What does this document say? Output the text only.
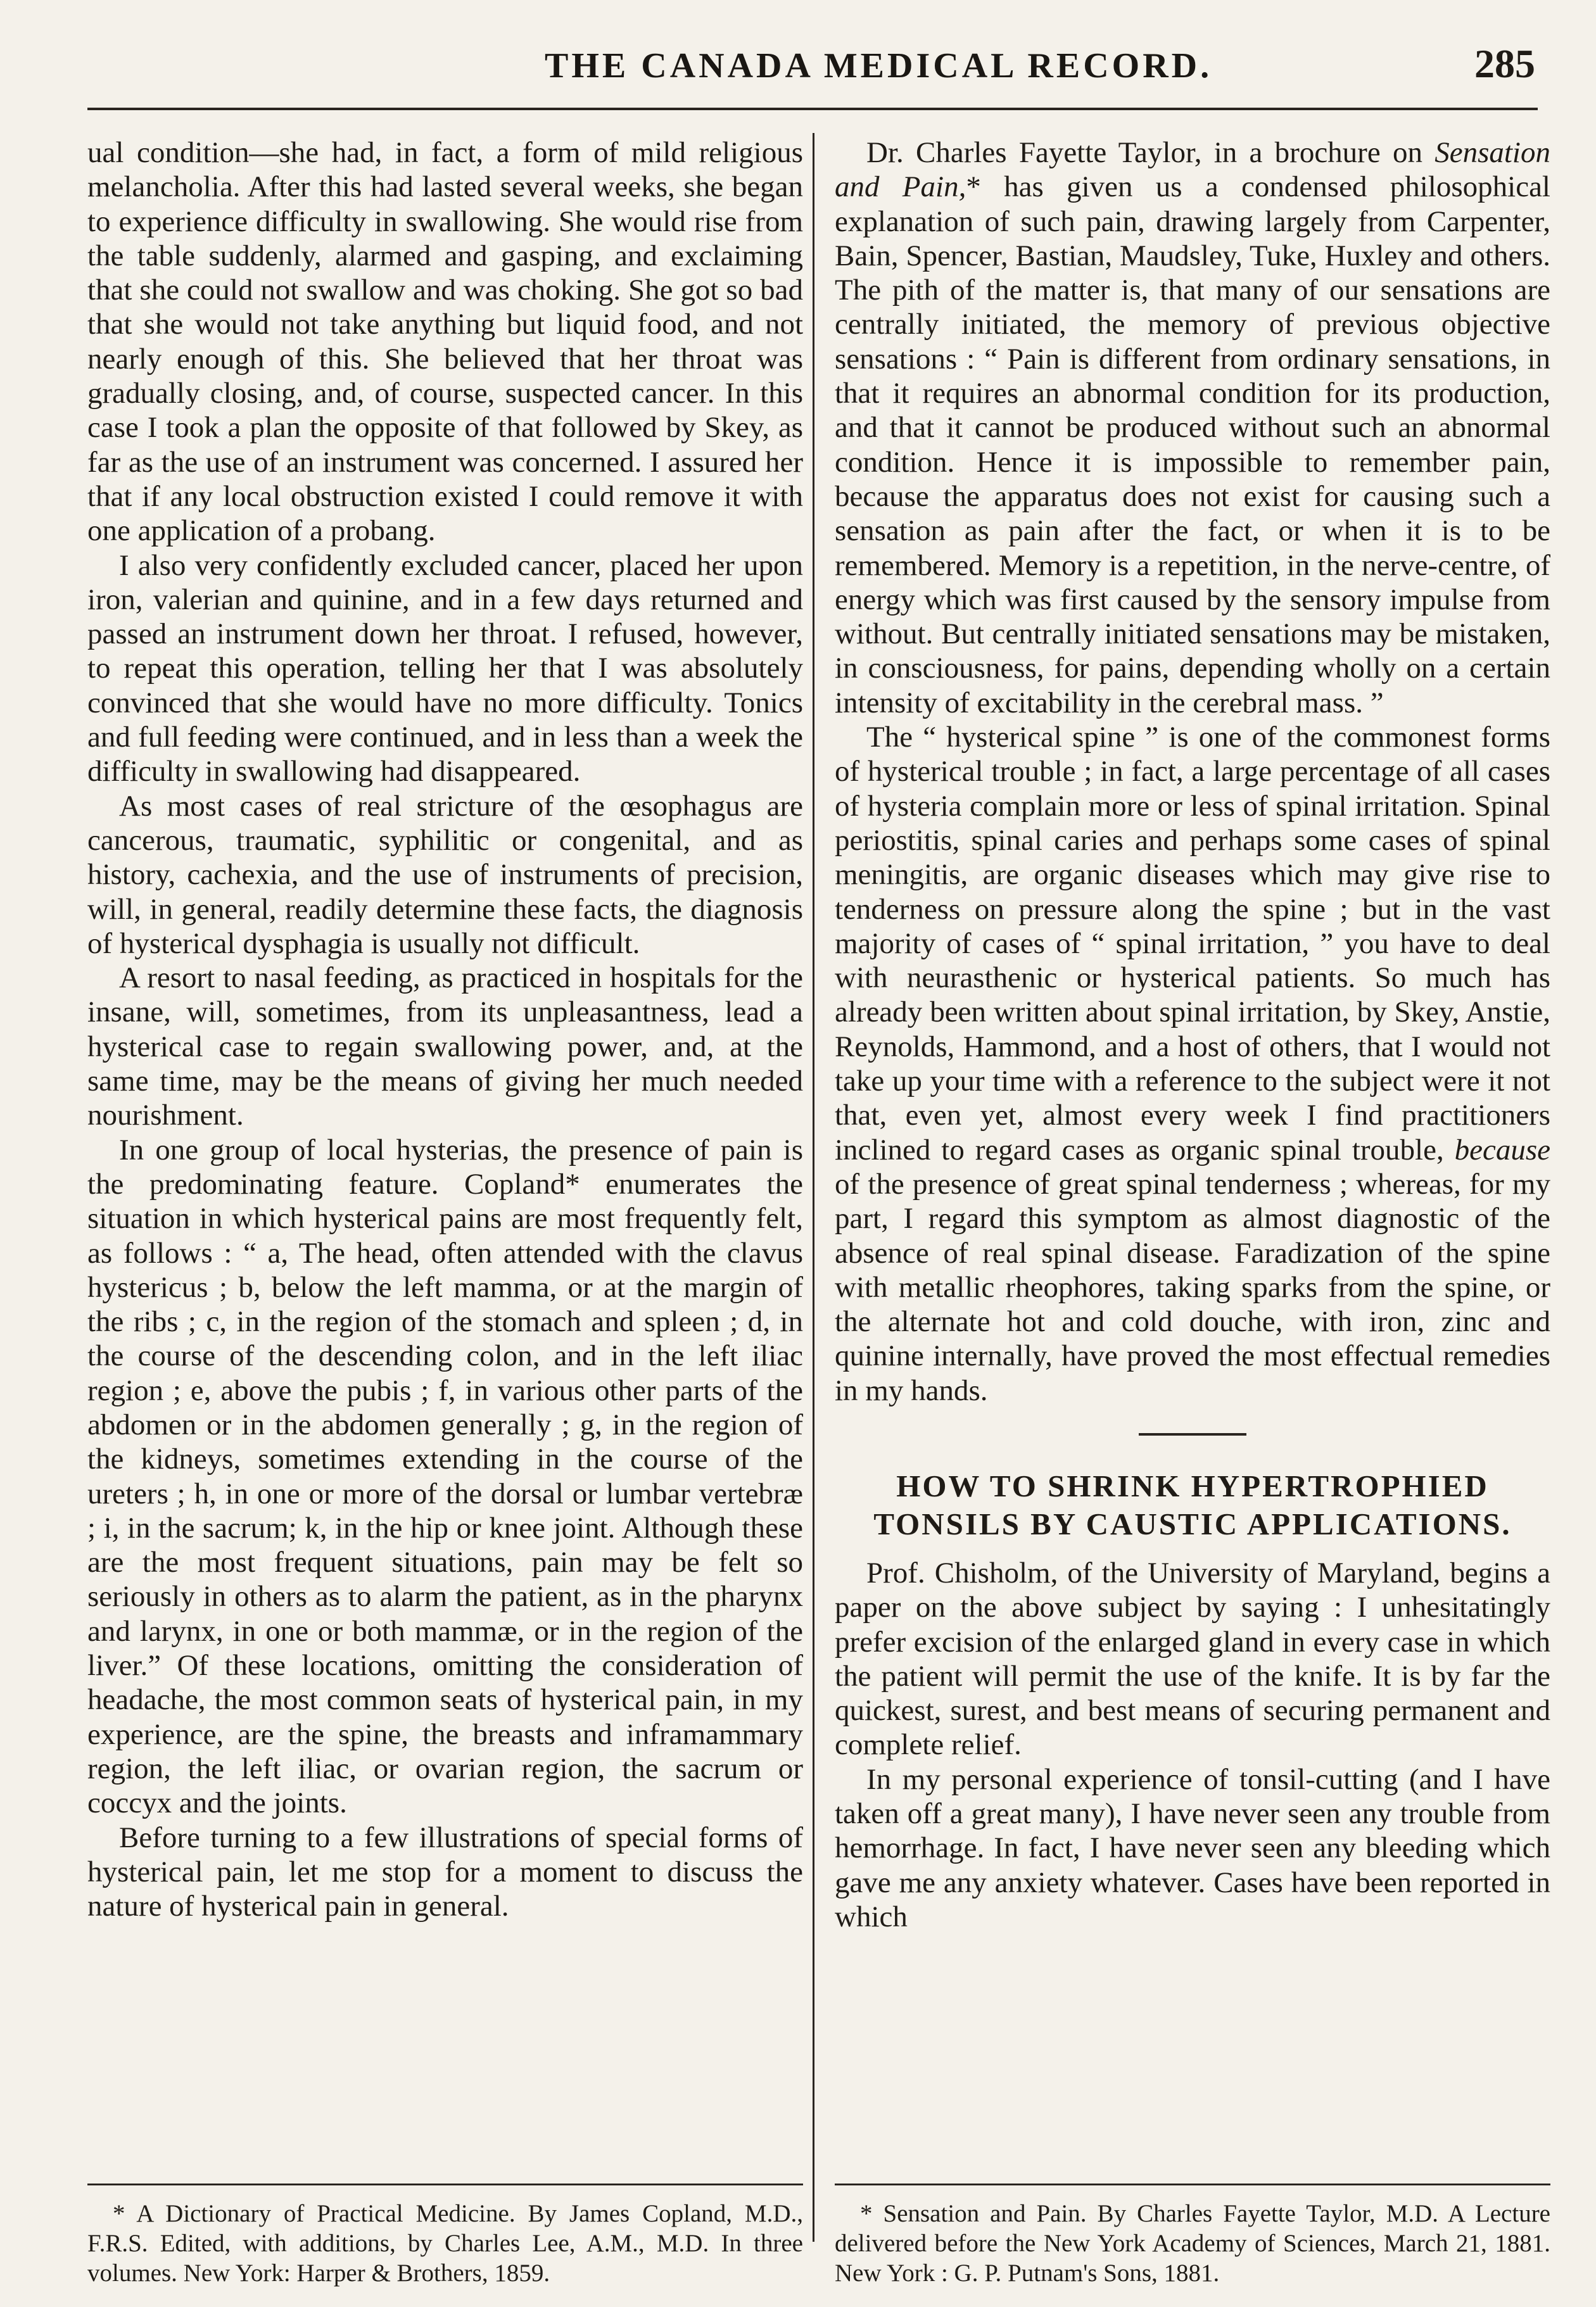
THE CANADA MEDICAL RECORD.	285

ual condition—she had, in fact, a form of mild religious melancholia. After this had lasted several weeks, she began to experience difficulty in swallowing. She would rise from the table suddenly, alarmed and gasping, and exclaiming that she could not swallow and was choking. She got so bad that she would not take anything but liquid food, and not nearly enough of this. She believed that her throat was gradually closing, and, of course, suspected cancer. In this case I took a plan the opposite of that followed by Skey, as far as the use of an instrument was concerned. I assured her that if any local obstruction existed I could remove it with one application of a probang.

I also very confidently excluded cancer, placed her upon iron, valerian and quinine, and in a few days returned and passed an instrument down her throat. I refused, however, to repeat this operation, telling her that I was absolutely convinced that she would have no more difficulty. Tonics and full feeding were continued, and in less than a week the difficulty in swallowing had disappeared.

As most cases of real stricture of the œsophagus are cancerous, traumatic, syphilitic or congenital, and as history, cachexia, and the use of instruments of precision, will, in general, readily determine these facts, the diagnosis of hysterical dysphagia is usually not difficult.

A resort to nasal feeding, as practiced in hospitals for the insane, will, sometimes, from its unpleasantness, lead a hysterical case to regain swallowing power, and, at the same time, may be the means of giving her much needed nourishment.

In one group of local hysterias, the presence of pain is the predominating feature. Copland* enumerates the situation in which hysterical pains are most frequently felt, as follows : “ a, The head, often attended with the clavus hystericus ; b, below the left mamma, or at the margin of the ribs ; c, in the region of the stomach and spleen ; d, in the course of the descending colon, and in the left iliac region ; e, above the pubis ; f, in various other parts of the abdomen or in the abdomen generally ; g, in the region of the kidneys, sometimes extending in the course of the ureters ; h, in one or more of the dorsal or lumbar vertebræ ; i, in the sacrum; k, in the hip or knee joint. Although these are the most frequent situations, pain may be felt so seriously in others as to alarm the patient, as in the pharynx and larynx, in one or both mammæ, or in the region of the liver.” Of these locations, omitting the consideration of headache, the most common seats of hysterical pain, in my experience, are the spine, the breasts and inframammary region, the left iliac, or ovarian region, the sacrum or coccyx and the joints.

Before turning to a few illustrations of special forms of hysterical pain, let me stop for a moment to discuss the nature of hysterical pain in general.

Dr. Charles Fayette Taylor, in a brochure on Sensation and Pain,* has given us a condensed philosophical explanation of such pain, drawing largely from Carpenter, Bain, Spencer, Bastian, Maudsley, Tuke, Huxley and others. The pith of the matter is, that many of our sensations are centrally initiated, the memory of previous objective sensations : “ Pain is different from ordinary sensations, in that it requires an abnormal condition for its production, and that it cannot be produced without such an abnormal condition. Hence it is impossible to remember pain, because the apparatus does not exist for causing such a sensation as pain after the fact, or when it is to be remembered. Memory is a repetition, in the nerve-centre, of energy which was first caused by the sensory impulse from without. But centrally initiated sensations may be mistaken, in consciousness, for pains, depending wholly on a certain intensity of excitability in the cerebral mass. ”

The “ hysterical spine ” is one of the commonest forms of hysterical trouble ; in fact, a large percentage of all cases of hysteria complain more or less of spinal irritation. Spinal periostitis, spinal caries and perhaps some cases of spinal meningitis, are organic diseases which may give rise to tenderness on pressure along the spine ; but in the vast majority of cases of “ spinal irritation, ” you have to deal with neurasthenic or hysterical patients. So much has already been written about spinal irritation, by Skey, Anstie, Reynolds, Hammond, and a host of others, that I would not take up your time with a reference to the subject were it not that, even yet, almost every week I find practitioners inclined to regard cases as organic spinal trouble, because of the presence of great spinal tenderness ; whereas, for my part, I regard this symptom as almost diagnostic of the absence of real spinal disease. Faradization of the spine with metallic rheophores, taking sparks from the spine, or the alternate hot and cold douche, with iron, zinc and quinine internally, have proved the most effectual remedies in my hands.

HOW TO SHRINK HYPERTROPHIED
TONSILS BY CAUSTIC APPLICATIONS.

Prof. Chisholm, of the University of Maryland, begins a paper on the above subject by saying : I unhesitatingly prefer excision of the enlarged gland in every case in which the patient will permit the use of the knife. It is by far the quickest, surest, and best means of securing permanent and complete relief.

In my personal experience of tonsil-cutting (and I have taken off a great many), I have never seen any trouble from hemorrhage. In fact, I have never seen any bleeding which gave me any anxiety whatever. Cases have been reported in which

* A Dictionary of Practical Medicine. By James Copland, M.D., F.R.S. Edited, with additions, by Charles Lee, A.M., M.D. In three volumes. New York: Harper & Brothers, 1859.

* Sensation and Pain. By Charles Fayette Taylor, M.D. A Lecture delivered before the New York Academy of Sciences, March 21, 1881. New York : G. P. Putnam's Sons, 1881.
